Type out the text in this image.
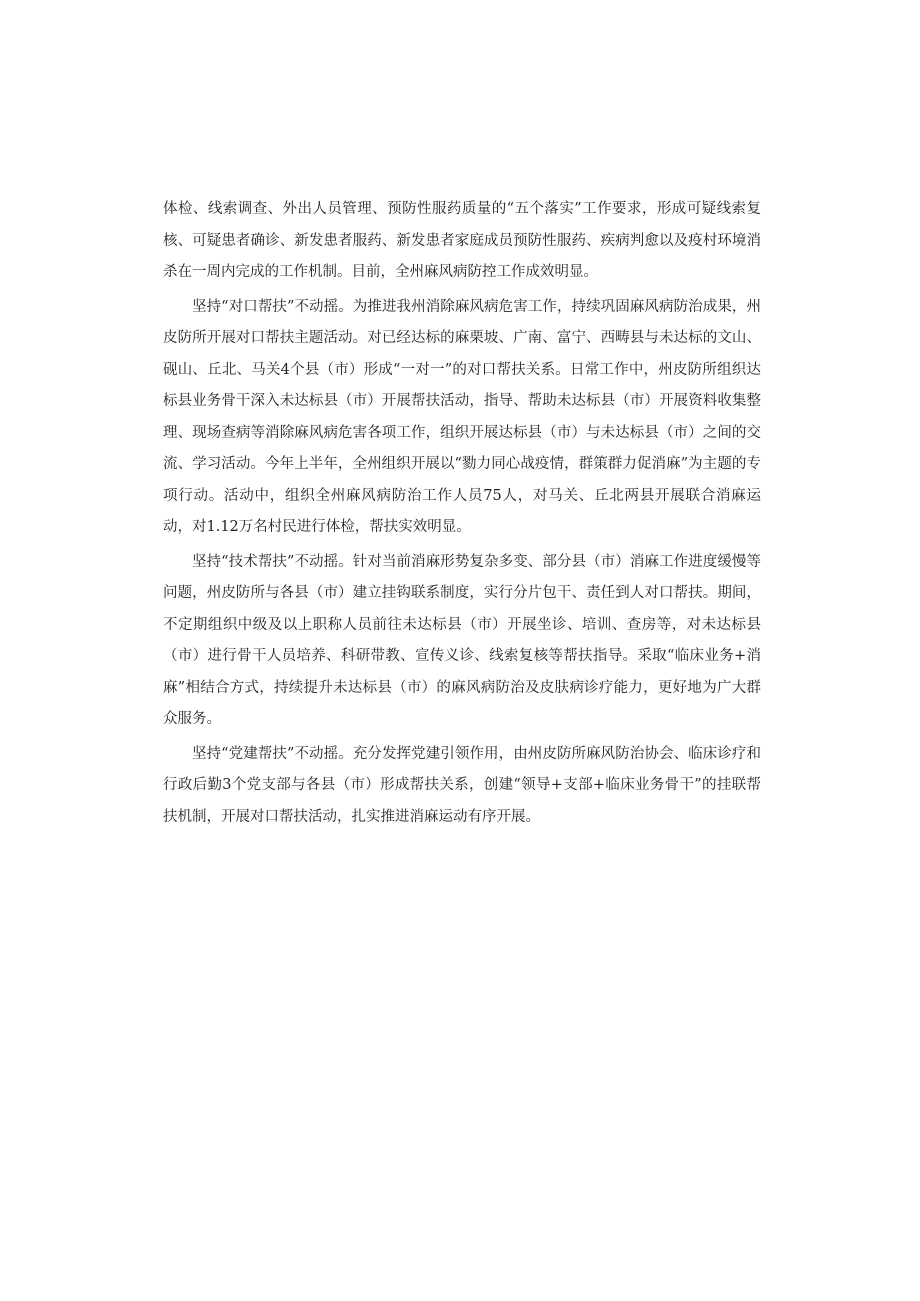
体检、线索调查、外出人员管理、预防性服药质量的“五个落实”工作要求，形成可疑线索复核、可疑患者确诊、新发患者服药、新发患者家庭成员预防性服药、疾病判愈以及疫村环境消杀在一周内完成的工作机制。目前，全州麻风病防控工作成效明显。

坚持“对口帮扶”不动摇。为推进我州消除麻风病危害工作，持续巩固麻风病防治成果，州皮防所开展对口帮扶主题活动。对已经达标的麻栗坡、广南、富宁、西畴县与未达标的文山、砚山、丘北、马关4个县（市）形成“一对一”的对口帮扶关系。日常工作中，州皮防所组织达标县业务骨干深入未达标县（市）开展帮扶活动，指导、帮助未达标县（市）开展资料收集整理、现场查病等消除麻风病危害各项工作，组织开展达标县（市）与未达标县（市）之间的交流、学习活动。今年上半年，全州组织开展以“勠力同心战疫情，群策群力促消麻”为主题的专项行动。活动中，组织全州麻风病防治工作人员75人，对马关、丘北两县开展联合消麻运动，对1.12万名村民进行体检，帮扶实效明显。

坚持“技术帮扶”不动摇。针对当前消麻形势复杂多变、部分县（市）消麻工作进度缓慢等问题，州皮防所与各县（市）建立挂钩联系制度，实行分片包干、责任到人对口帮扶。期间，不定期组织中级及以上职称人员前往未达标县（市）开展坐诊、培训、查房等，对未达标县（市）进行骨干人员培养、科研带教、宣传义诊、线索复核等帮扶指导。采取“临床业务+消麻”相结合方式，持续提升未达标县（市）的麻风病防治及皮肤病诊疗能力，更好地为广大群众服务。

坚持“党建帮扶”不动摇。充分发挥党建引领作用，由州皮防所麻风防治协会、临床诊疗和行政后勤3个党支部与各县（市）形成帮扶关系，创建“领导+支部+临床业务骨干”的挂联帮扶机制，开展对口帮扶活动，扎实推进消麻运动有序开展。
